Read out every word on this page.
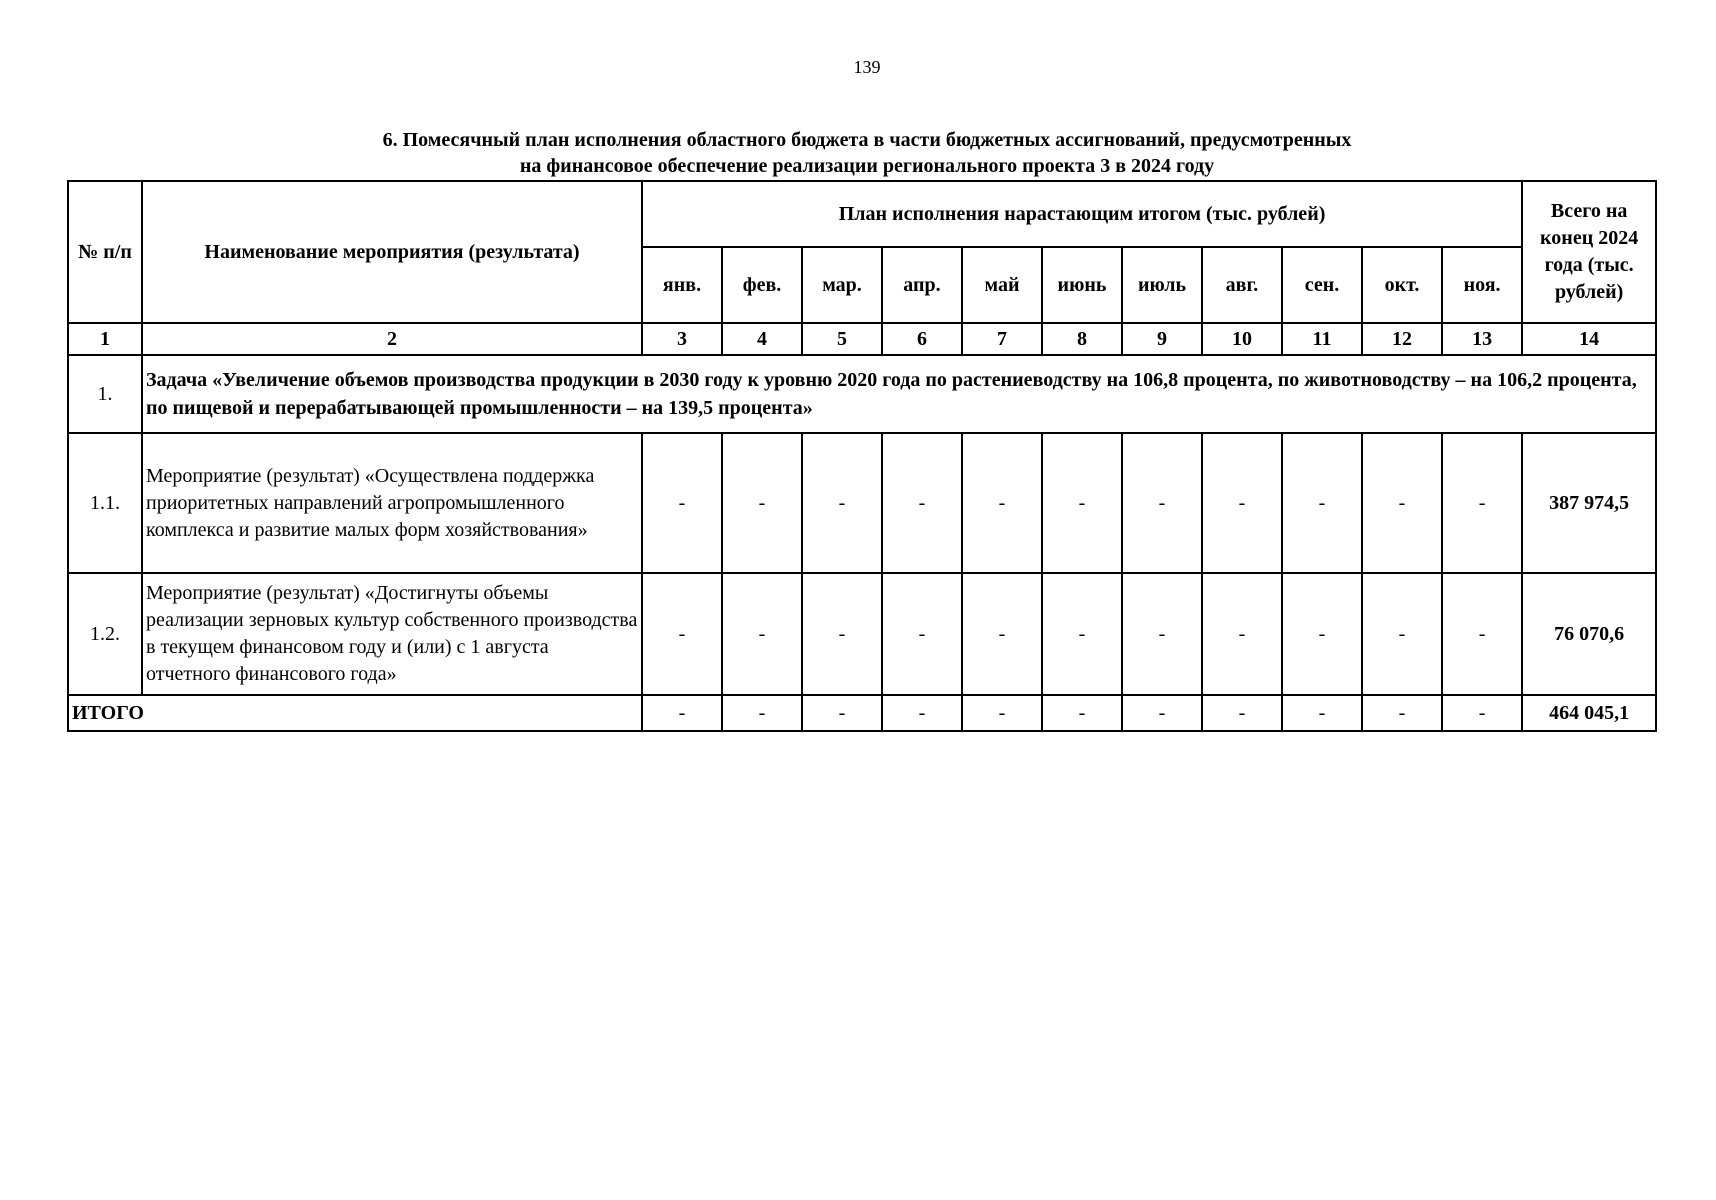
139
6. Помесячный план исполнения областного бюджета в части бюджетных ассигнований, предусмотренных
на финансовое обеспечение реализации регионального проекта 3 в 2024 году
№ п/п	Наименование мероприятия (результата)	План исполнения нарастающим итогом (тыс. рублей)											Всего на конец 2024 года (тыс. рублей)
		янв.	фев.	мар.	апр.	май	июнь	июль	авг.	сен.	окт.	ноя.	
1	2	3	4	5	6	7	8	9	10	11	12	13	14
1.	Задача «Увеличение объемов производства продукции в 2030 году к уровню 2020 года по растениеводству на 106,8 процента, по животноводству – на 106,2 процента, по пищевой и перерабатывающей промышленности – на 139,5 процента»												
1.1.	Мероприятие (результат) «Осуществлена поддержка приоритетных направлений агропромышленного комплекса и развитие малых форм хозяйствования»	-	-	-	-	-	-	-	-	-	-	-	387 974,5
1.2.	Мероприятие (результат) «Достигнуты объемы реализации зерновых культур собственного производства в текущем финансовом году и (или) с 1 августа отчетного финансового года»	-	-	-	-	-	-	-	-	-	-	-	76 070,6
ИТОГО		-	-	-	-	-	-	-	-	-	-	-	464 045,1
